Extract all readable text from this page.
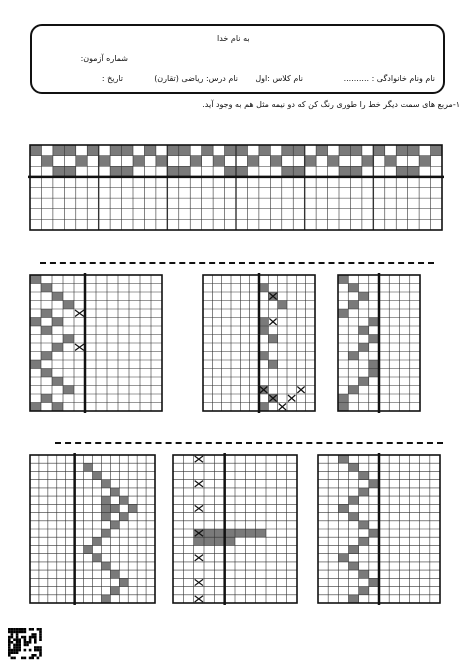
به نام خدا
شماره آزمون:
نام ونام خانوادگی : ..........
نام کلاس :اول
نام درس: ریاضی (تقارن)
تاریخ :
۱-مربع های سمت دیگر خط را طوری رنگ کن که دو نیمه مثل هم به وجود آید.
